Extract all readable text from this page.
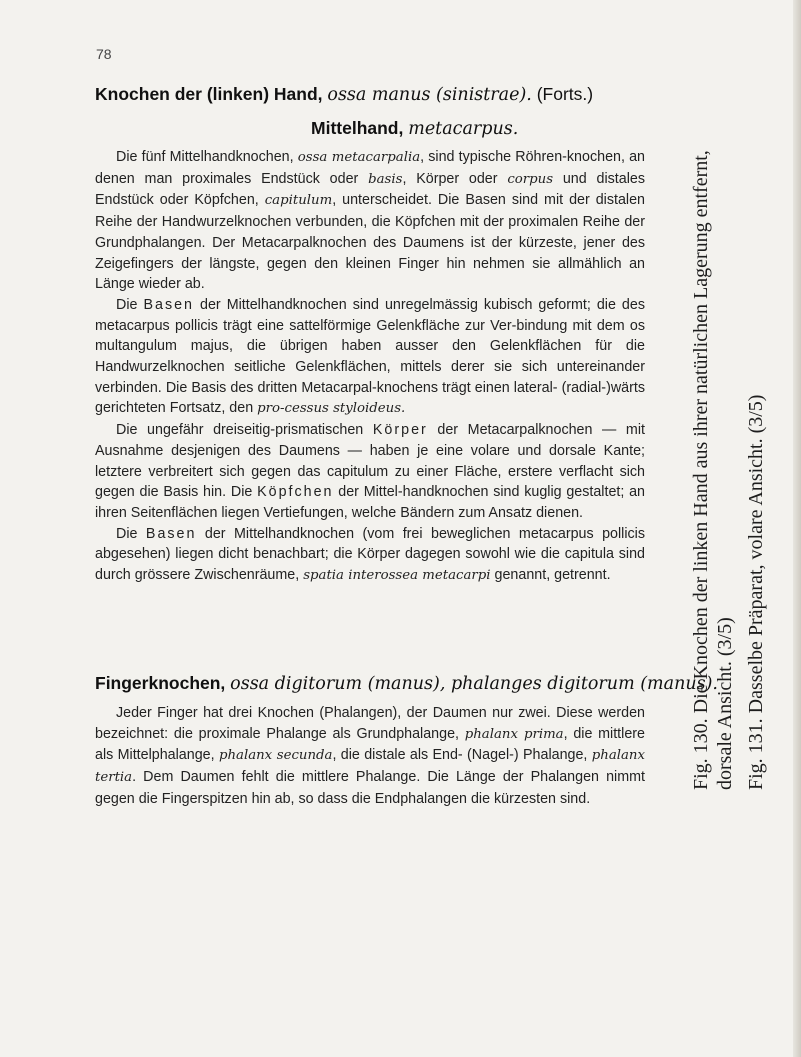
78
Knochen der (linken) Hand, ossa manus (sinistrae). (Forts.)
Mittelhand, metacarpus.

Die fünf Mittelhandknochen, ossa metacarpalia, sind typische Röhren-knochen, an denen man proximales Endstück oder basis, Körper oder corpus und distales Endstück oder Köpfchen, capitulum, unterscheidet. Die Basen sind mit der distalen Reihe der Handwurzelknochen verbunden, die Köpfchen mit der proximalen Reihe der Grundphalangen. Der Metacarpalknochen des Daumens ist der kürzeste, jener des Zeigefingers der längste, gegen den kleinen Finger hin nehmen sie allmählich an Länge wieder ab.

Die Basen der Mittelhandknochen sind unregelmässig kubisch geformt; die des metacarpus pollicis trägt eine sattelförmige Gelenkfläche zur Ver-bindung mit dem os multangulum majus, die übrigen haben ausser den Gelenkflächen für die Handwurzelknochen seitliche Gelenkflächen, mittels derer sie sich untereinander verbinden. Die Basis des dritten Metacarpal-knochens trägt einen lateral- (radial-)wärts gerichteten Fortsatz, den pro-cessus styloideus.

Die ungefähr dreiseitig-prismatischen Körper der Metacarpalknochen — mit Ausnahme desjenigen des Daumens — haben je eine volare und dorsale Kante; letztere verbreitert sich gegen das capitulum zu einer Fläche, erstere verflacht sich gegen die Basis hin. Die Köpfchen der Mittel-handknochen sind kuglig gestaltet; an ihren Seitenflächen liegen Vertiefungen, welche Bändern zum Ansatz dienen.

Die Basen der Mittelhandknochen (vom frei beweglichen metacarpus pollicis abgesehen) liegen dicht benachbart; die Körper dagegen sowohl wie die capitula sind durch grössere Zwischenräume, spatia interossea metacarpi genannt, getrennt.

Fingerknochen, ossa digitorum (manus), phalanges digitorum (manus).

Jeder Finger hat drei Knochen (Phalangen), der Daumen nur zwei. Diese werden bezeichnet: die proximale Phalange als Grundphalange, phalanx prima, die mittlere als Mittelphalange, phalanx secunda, die distale als End- (Nagel-) Phalange, phalanx tertia. Dem Daumen fehlt die mittlere Phalange. Die Länge der Phalangen nimmt gegen die Fingerspitzen hin ab, so dass die Endphalangen die kürzesten sind.

Fig. 130. Die Knochen der linken Hand aus ihrer natürlichen Lagerung entfernt, dorsale Ansicht. (3/5) Fig. 131. Dasselbe Präparat, volare Ansicht. (3/5)
